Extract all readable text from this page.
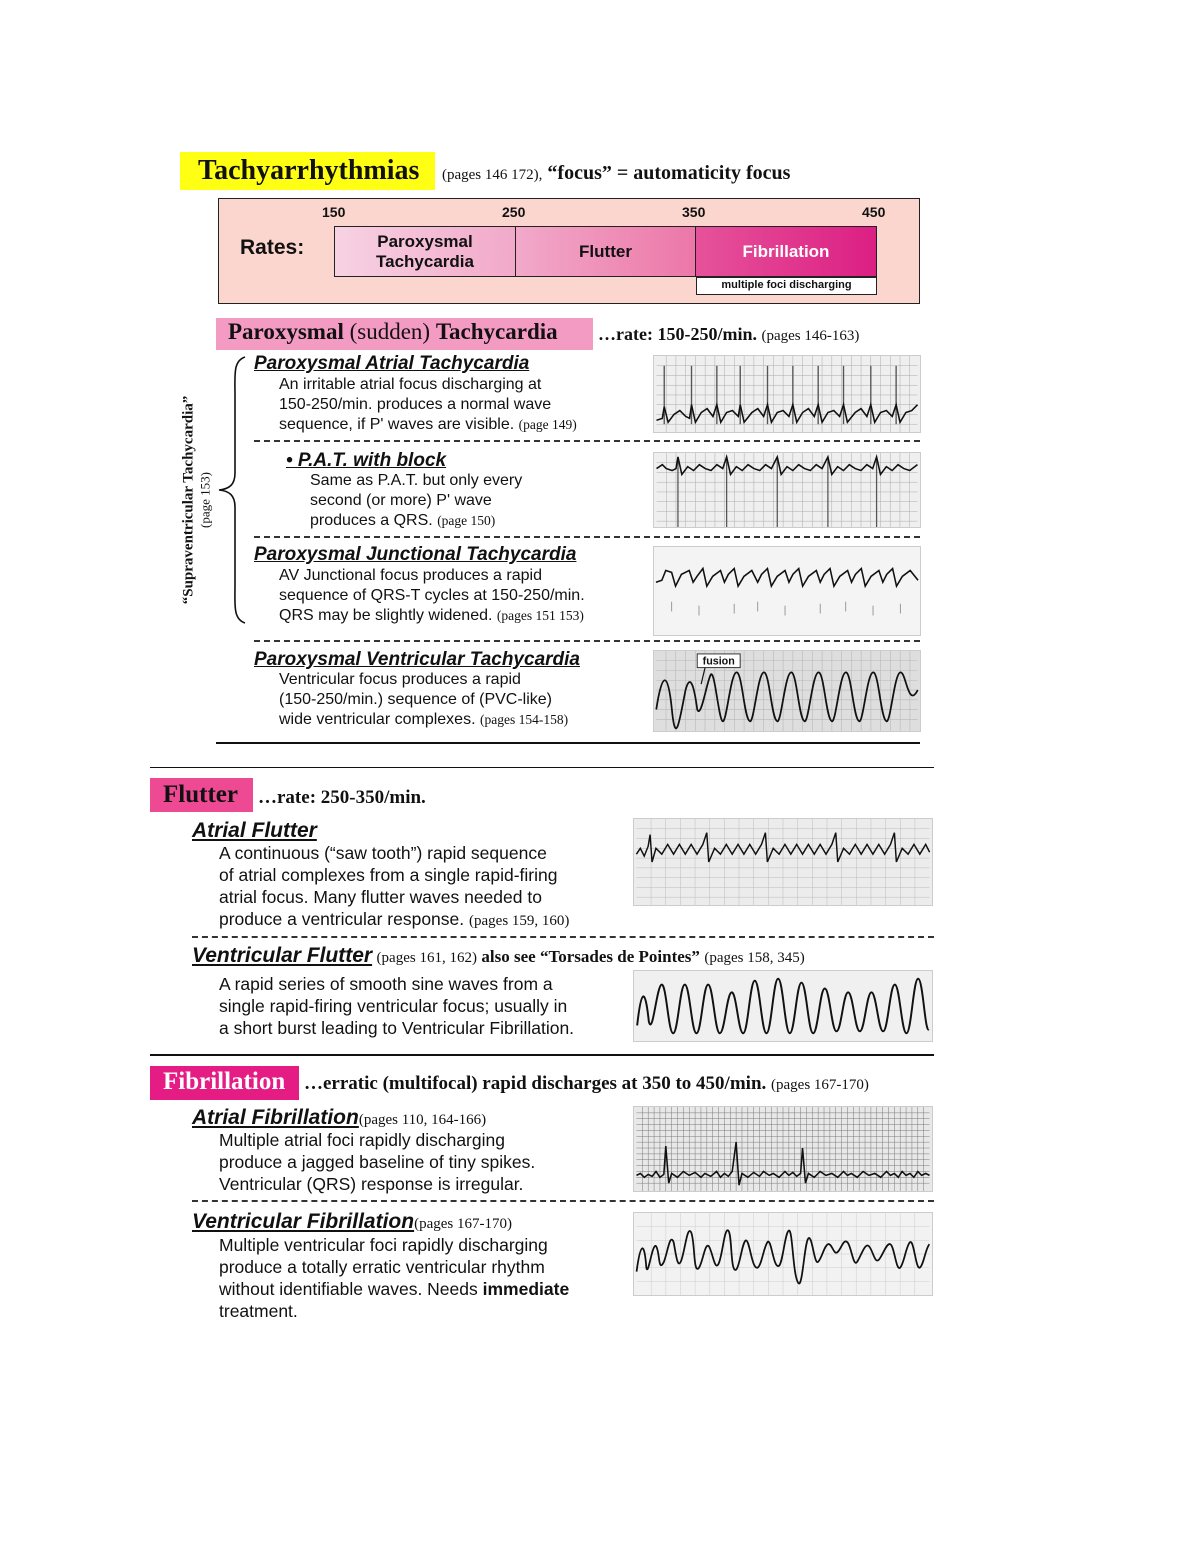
Tachyarrhythmias (pages 146 172), “focus” = automaticity focus
150	250	350	450
Rates:	Paroxysmal Tachycardia
Flutter	Fibrillation
multiple foci discharging
Paroxysmal (sudden) Tachycardia …rate: 150-250/min. (pages 146-163)
“Supraventricular Tachycardia” (page 153)
Paroxysmal Atrial Tachycardia
An irritable atrial focus discharging at
150-250/min. produces a normal wave
sequence, if P' waves are visible. (page 149)
• P.A.T. with block
Same as P.A.T. but only every
second (or more) P' wave
produces a QRS. (page 150)
Paroxysmal Junctional Tachycardia
AV Junctional focus produces a rapid
sequence of QRS-T cycles at 150-250/min.
QRS may be slightly widened. (pages 151 153)
Paroxysmal Ventricular Tachycardia
Ventricular focus produces a rapid
(150-250/min.) sequence of (PVC-like)
wide ventricular complexes. (pages 154-158)
fusion
Flutter …rate: 250-350/min.
Atrial Flutter
A continuous (“saw tooth”) rapid sequence
of atrial complexes from a single rapid-firing
atrial focus. Many flutter waves needed to
produce a ventricular response. (pages 159, 160)
Ventricular Flutter (pages 161, 162) also see “Torsades de Pointes” (pages 158, 345)
A rapid series of smooth sine waves from a
single rapid-firing ventricular focus; usually in
a short burst leading to Ventricular Fibrillation.
Fibrillation …erratic (multifocal) rapid discharges at 350 to 450/min. (pages 167-170)
Atrial Fibrillation(pages 110, 164-166)
Multiple atrial foci rapidly discharging
produce a jagged baseline of tiny spikes.
Ventricular (QRS) response is irregular.
Ventricular Fibrillation(pages 167-170)
Multiple ventricular foci rapidly discharging
produce a totally erratic ventricular rhythm
without identifiable waves. Needs immediate
treatment.
